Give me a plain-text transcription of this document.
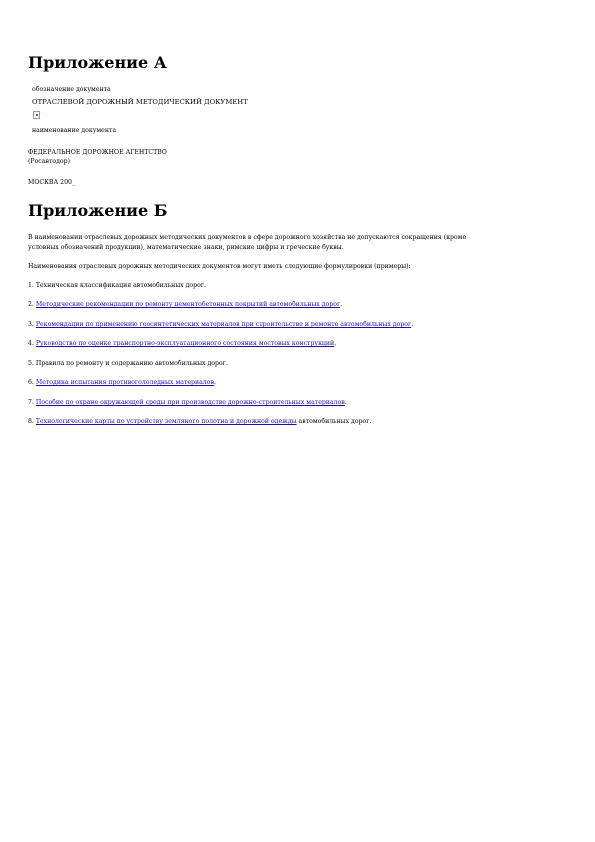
Приложение А
обозначение документа
ОТРАСЛЕВОЙ ДОРОЖНЫЙ МЕТОДИЧЕСКИЙ ДОКУМЕНТ
наименование документа
ФЕДЕРАЛЬНОЕ ДОРОЖНОЕ АГЕНТСТВО
(Росавтодор)
МОСКВА 200_
Приложение Б
В наименовании отраслевых дорожных методических документов в сфере дорожного хозяйства не допускаются сокращения (кроме
условных обозначений продукции), математические знаки, римские цифры и греческие буквы.
Наименования отраслевых дорожных методических документов могут иметь следующие формулировки (примеры):
1. Техническая классификация автомобильных дорог.
2. Методические рекомендации по ремонту цементобетонных покрытий автомобильных дорог.
3. Рекомендации по применению геосинтетических материалов при строительстве и ремонте автомобильных дорог.
4. Руководство по оценке транспортно-эксплуатационного состояния мостовых конструкций.
5. Правила по ремонту и содержанию автомобильных дорог.
6. Методика испытания противогололедных материалов.
7. Пособие по охране окружающей среды при производстве дорожно-строительных материалов.
8. Технологические карты по устройству земляного полотна и дорожной одежды автомобильных дорог.
